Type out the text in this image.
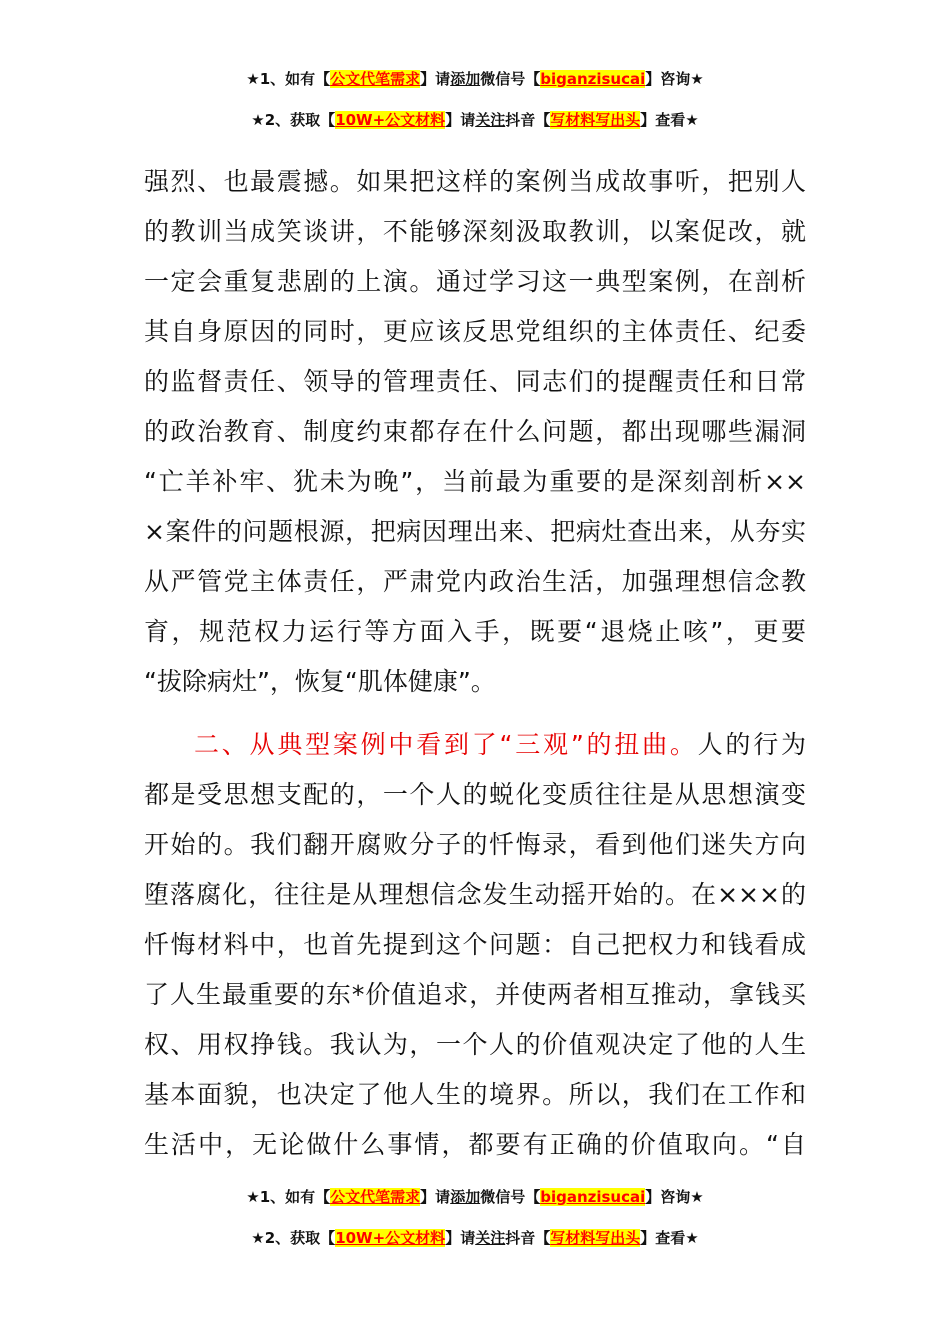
★1、如有【公文代笔需求】请添加微信号【biganzisucai】咨询★
★2、获取【10W+公文材料】请关注抖音【写材料写出头】查看★
强烈、也最震撼。如果把这样的案例当成故事听，把别人
的教训当成笑谈讲，不能够深刻汲取教训，以案促改，就
一定会重复悲剧的上演。通过学习这一典型案例，在剖析
其自身原因的同时，更应该反思党组织的主体责任、纪委
的监督责任、领导的管理责任、同志们的提醒责任和日常
的政治教育、制度约束都存在什么问题，都出现哪些漏洞
“亡羊补牢、犹未为晚”，当前最为重要的是深刻剖析××
×案件的问题根源，把病因理出来、把病灶查出来，从夯实
从严管党主体责任，严肃党内政治生活，加强理想信念教
育，规范权力运行等方面入手，既要“退烧止咳”，更要
“拔除病灶”，恢复“肌体健康”。
二、从典型案例中看到了“三观”的扭曲。人的行为
都是受思想支配的，一个人的蜕化变质往往是从思想演变
开始的。我们翻开腐败分子的忏悔录，看到他们迷失方向
堕落腐化，往往是从理想信念发生动摇开始的。在×××的
忏悔材料中，也首先提到这个问题：自己把权力和钱看成
了人生最重要的东*价值追求，并使两者相互推动，拿钱买
权、用权挣钱。我认为，一个人的价值观决定了他的人生
基本面貌，也决定了他人生的境界。所以，我们在工作和
生活中，无论做什么事情，都要有正确的价值取向。“自
★1、如有【公文代笔需求】请添加微信号【biganzisucai】咨询★
★2、获取【10W+公文材料】请关注抖音【写材料写出头】查看★
